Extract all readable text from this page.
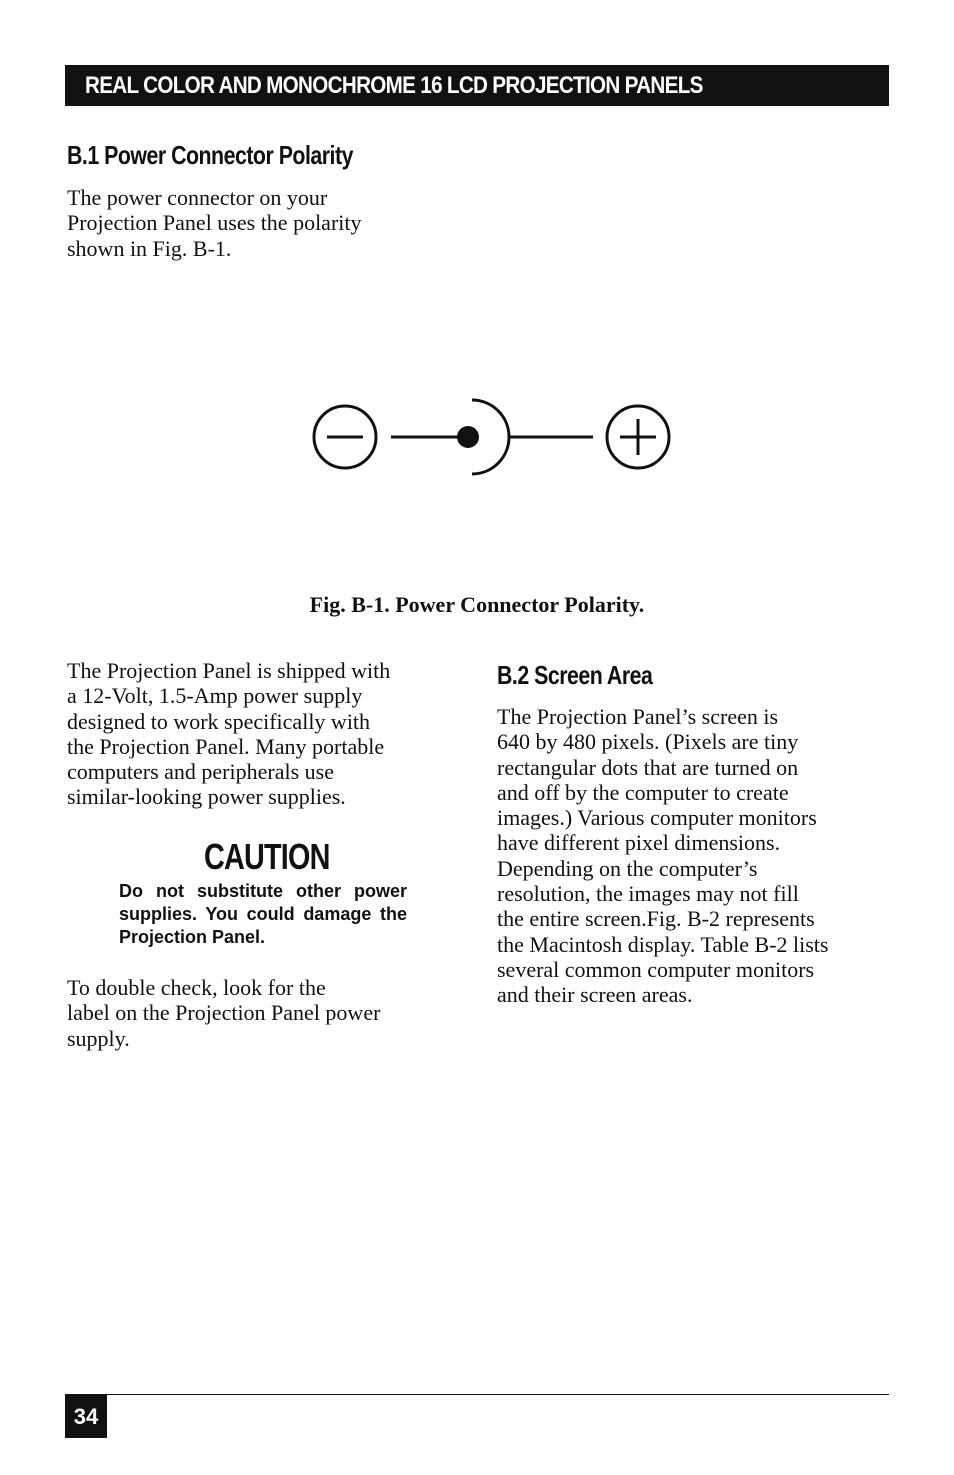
REAL COLOR AND MONOCHROME 16 LCD PROJECTION PANELS
B.1 Power Connector Polarity

The power connector on your
Projection Panel uses the polarity
shown in Fig. B-1.

Fig. B-1. Power Connector Polarity.

The Projection Panel is shipped with
a 12-Volt, 1.5-Amp power supply
designed to work specifically with
the Projection Panel. Many portable
computers and peripherals use
similar-looking power supplies.

CAUTION

Do not substitute other power supplies. You could damage the Projection Panel.

To double check, look for the
label on the Projection Panel power
supply.

B.2 Screen Area

The Projection Panel’s screen is
640 by 480 pixels. (Pixels are tiny
rectangular dots that are turned on
and off by the computer to create
images.) Various computer monitors
have different pixel dimensions.
Depending on the computer’s
resolution, the images may not fill
the entire screen.Fig. B-2 represents
the Macintosh display. Table B-2 lists
several common computer monitors
and their screen areas.

34
